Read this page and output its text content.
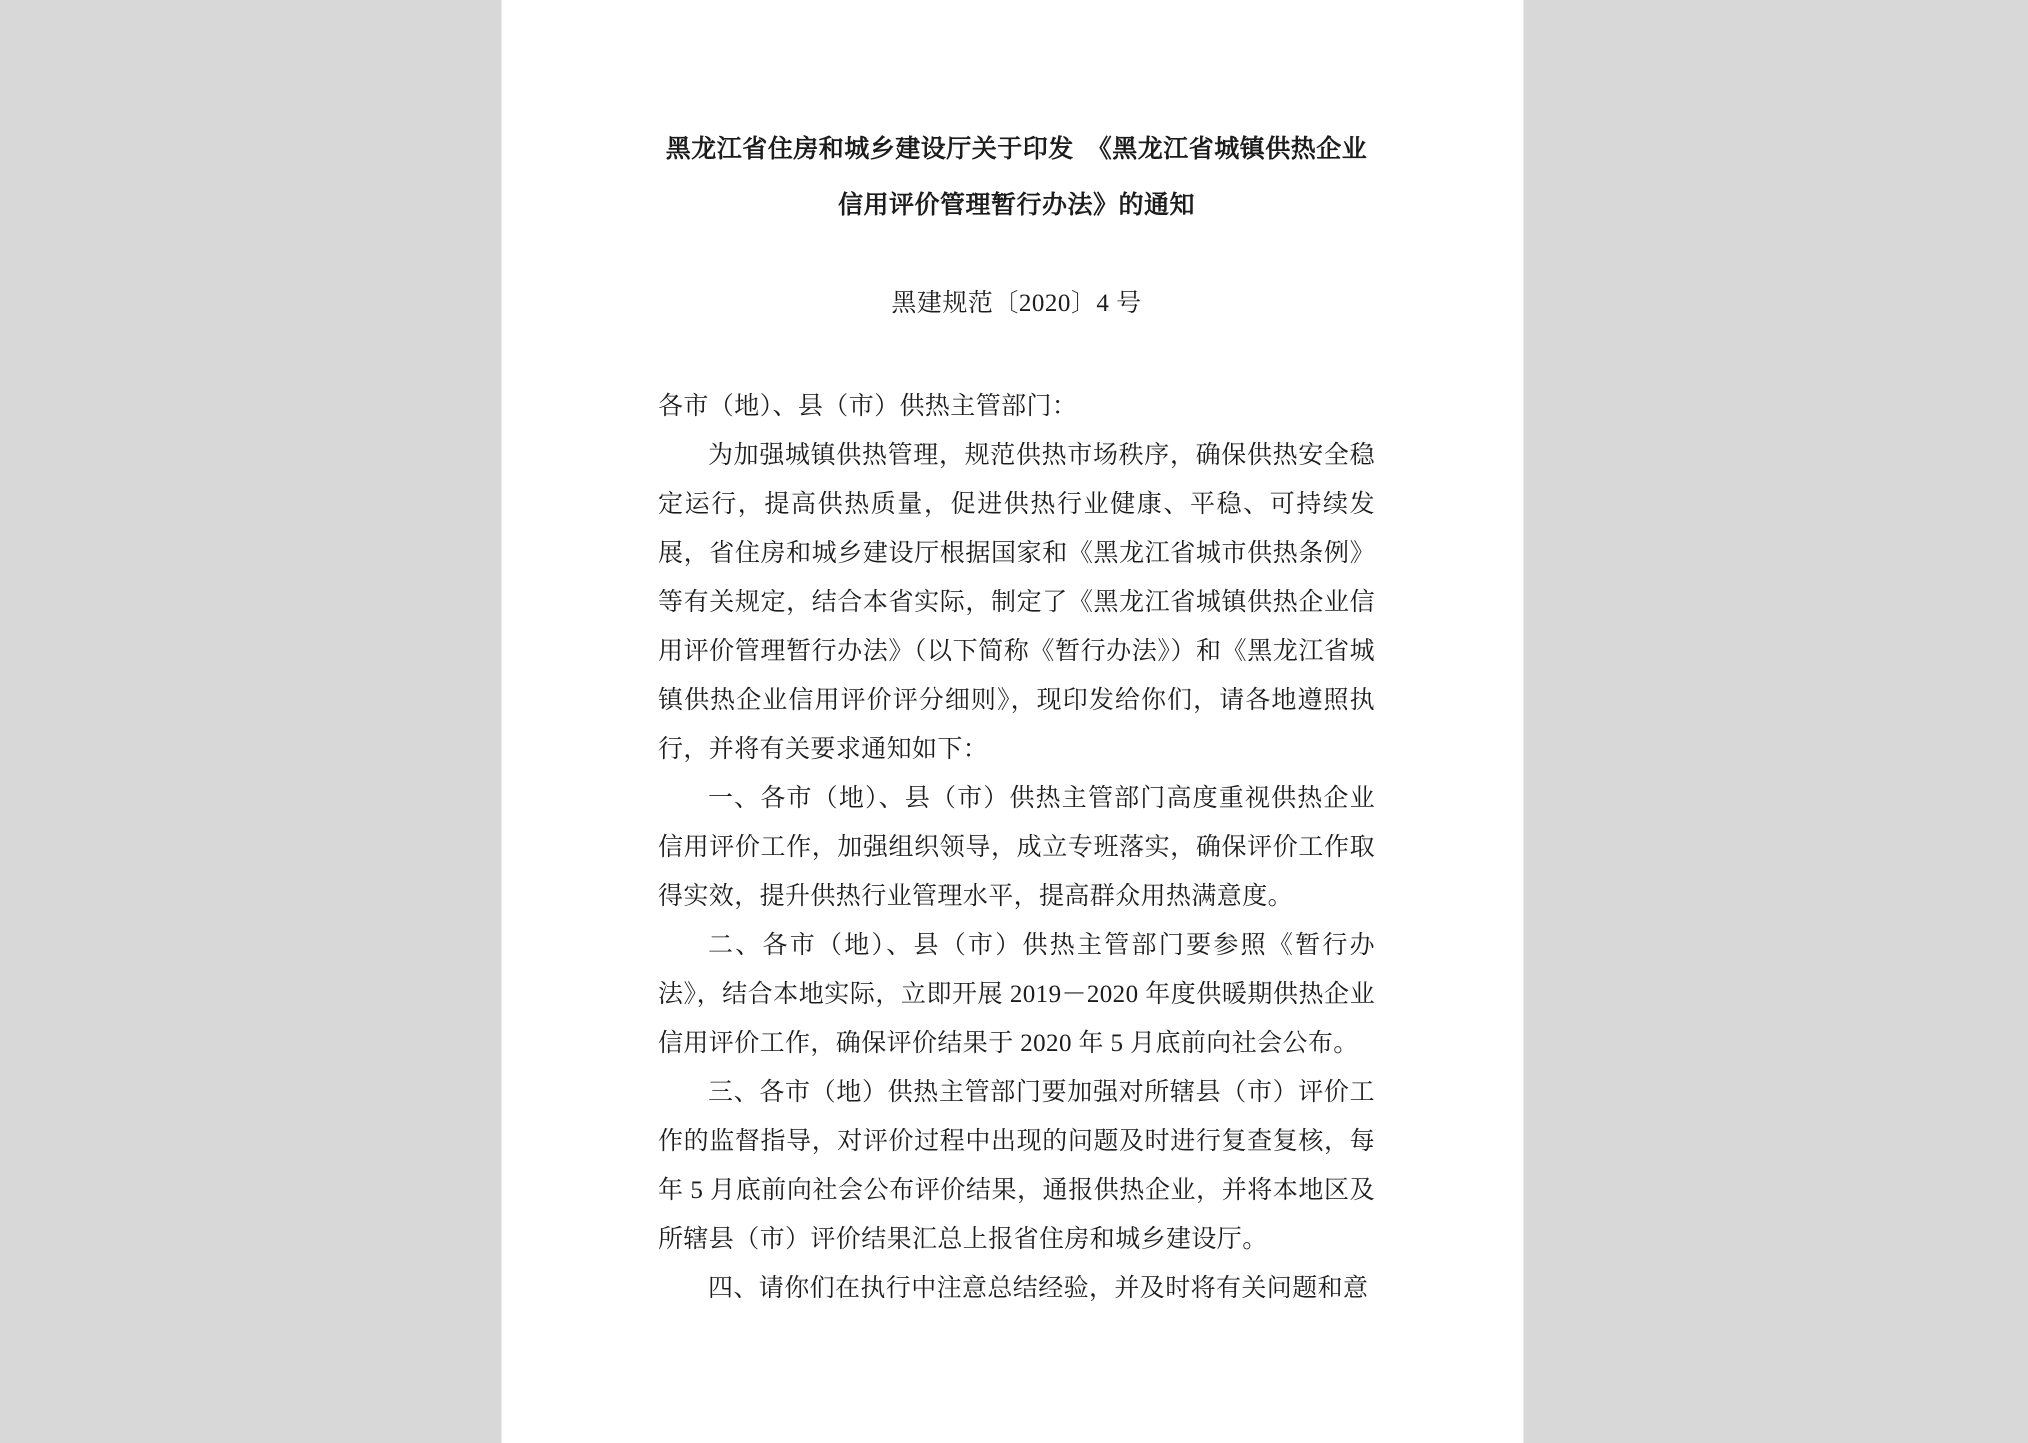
黑龙江省住房和城乡建设厅关于印发　《黑龙江省城镇供热企业
信用评价管理暂行办法》的通知
黑建规范〔2020〕4 号
各市（地）、县（市）供热主管部门：

为加强城镇供热管理，规范供热市场秩序，确保供热安全稳定运行，提高供热质量，促进供热行业健康、平稳、可持续发展，省住房和城乡建设厅根据国家和《黑龙江省城市供热条例》等有关规定，结合本省实际，制定了《黑龙江省城镇供热企业信用评价管理暂行办法》（以下简称《暂行办法》）和《黑龙江省城镇供热企业信用评价评分细则》，现印发给你们，请各地遵照执行，并将有关要求通知如下：

一、各市（地）、县（市）供热主管部门高度重视供热企业信用评价工作，加强组织领导，成立专班落实，确保评价工作取得实效，提升供热行业管理水平，提高群众用热满意度。

二、各市（地）、县（市）供热主管部门要参照《暂行办法》，结合本地实际，立即开展 2019－2020 年度供暖期供热企业信用评价工作，确保评价结果于 2020 年 5 月底前向社会公布。

三、各市（地）供热主管部门要加强对所辖县（市）评价工作的监督指导，对评价过程中出现的问题及时进行复查复核，每年 5 月底前向社会公布评价结果，通报供热企业，并将本地区及所辖县（市）评价结果汇总上报省住房和城乡建设厅。

四、请你们在执行中注意总结经验，并及时将有关问题和意
